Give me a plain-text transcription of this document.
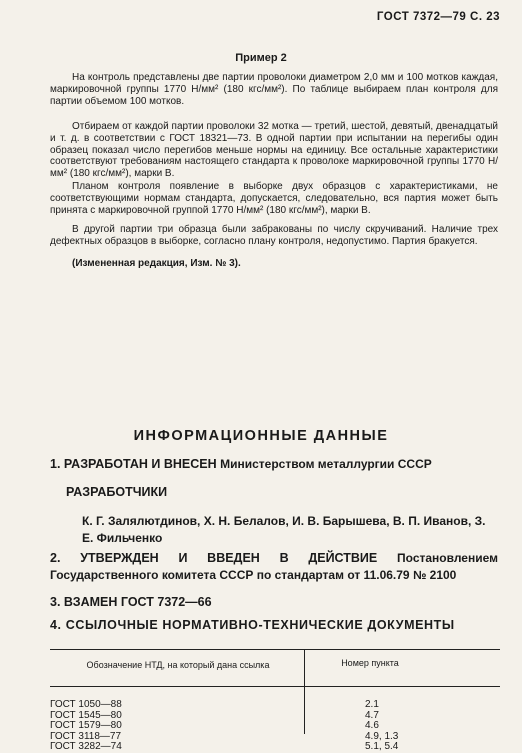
ГОСТ 7372—79 С. 23
Пример 2

На контроль представлены две партии проволоки диаметром 2,0 мм и 100 мотков каждая, маркировочной группы 1770 Н/мм² (180 кгс/мм²). По таблице выбираем план контроля для партии объемом 100 мотков.

Отбираем от каждой партии проволоки 32 мотка — третий, шестой, девятый, двенадцатый и т. д. в соответствии с ГОСТ 18321—73. В одной партии при испытании на перегибы один образец показал число перегибов меньше нормы на единицу. Все остальные характеристики соответствуют требованиям настоящего стандарта к проволоке маркировочной группы 1770 Н/мм² (180 кгс/мм²), марки В.

Планом контроля появление в выборке двух образцов с характеристиками, не соответствующими нормам стандарта, допускается, следовательно, вся партия может быть принята с маркировочной группой 1770 Н/мм² (180 кгс/мм²), марки В.

В другой партии три образца были забракованы по числу скручиваний. Наличие трех дефектных образцов в выборке, согласно плану контроля, недопустимо. Партия бракуется.

(Измененная редакция, Изм. № 3).
ИНФОРМАЦИОННЫЕ ДАННЫЕ
1. РАЗРАБОТАН И ВНЕСЕН Министерством металлургии СССР
РАЗРАБОТЧИКИ
К. Г. Залялютдинов, Х. Н. Белалов, И. В. Барышева, В. П. Иванов, З. Е. Фильченко
2. УТВЕРЖДЕН И ВВЕДЕН В ДЕЙСТВИЕ Постановлением Государственного комитета СССР по стандартам от 11.06.79 № 2100
3. ВЗАМЕН ГОСТ 7372—66
4. ССЫЛОЧНЫЕ НОРМАТИВНО-ТЕХНИЧЕСКИЕ ДОКУМЕНТЫ
Обозначение НТД, на который дана ссылка	Номер пункта
ГОСТ 1050—88
ГОСТ 1545—80
ГОСТ 1579—80
ГОСТ 3118—77
ГОСТ 3282—74
2.1
4.7
4.6
4.9, 1.3
5.1, 5.4
